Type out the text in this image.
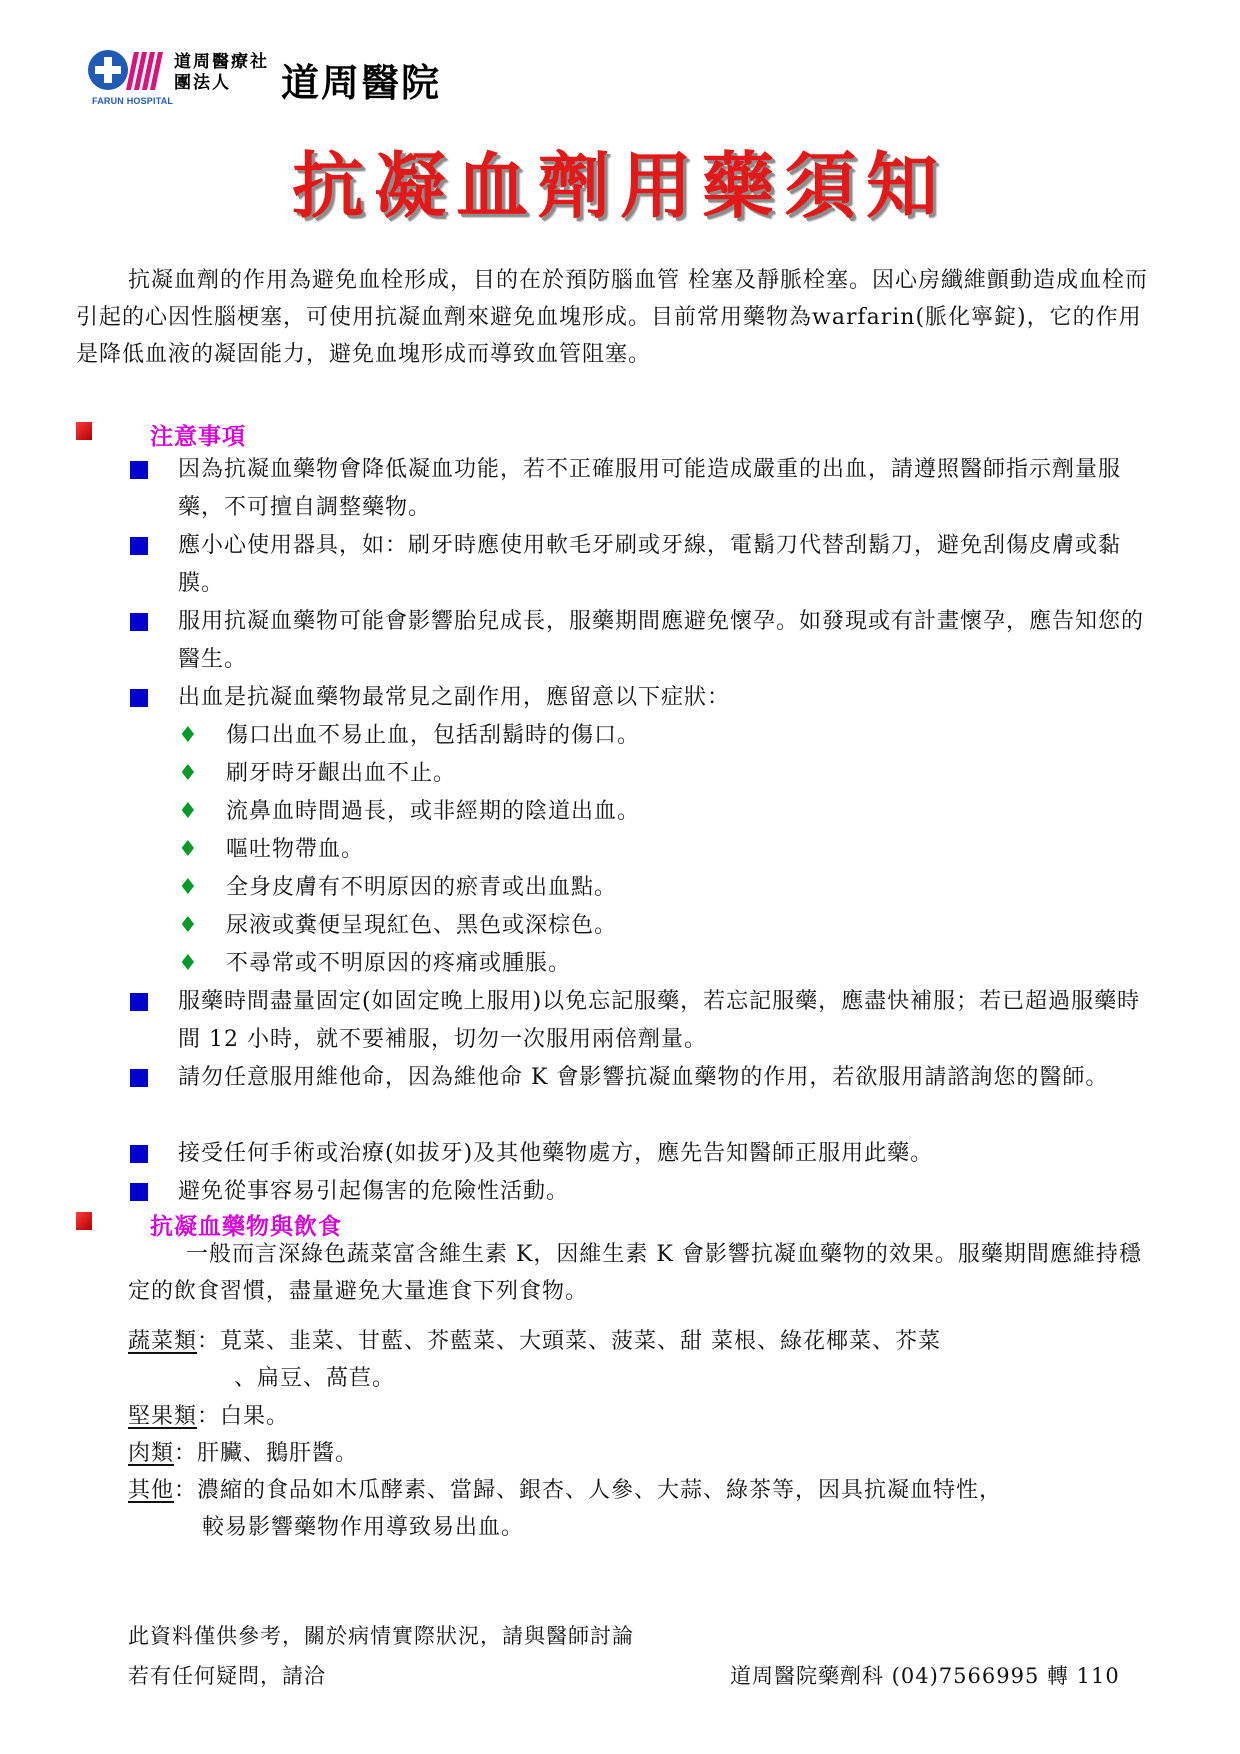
FARUN HOSPITAL
道周醫療社團法人	道周醫院
抗凝血劑用藥須知

抗凝血劑的作用為避免血栓形成，目的在於預防腦血管 栓塞及靜脈栓塞。因心房纖維顫動造成血栓而引起的心因性腦梗塞，可使用抗凝血劑來避免血塊形成。目前常用藥物為warfarin(脈化寧錠)，它的作用是降低血液的凝固能力，避免血塊形成而導致血管阻塞。

注意事項
因為抗凝血藥物會降低凝血功能，若不正確服用可能造成嚴重的出血，請遵照醫師指示劑量服藥，不可擅自調整藥物。
應小心使用器具，如：刷牙時應使用軟毛牙刷或牙線，電鬍刀代替刮鬍刀，避免刮傷皮膚或黏膜。
服用抗凝血藥物可能會影響胎兒成長，服藥期間應避免懷孕。如發現或有計畫懷孕，應告知您的醫生。
出血是抗凝血藥物最常見之副作用，應留意以下症狀：
♦ 傷口出血不易止血，包括刮鬍時的傷口。
♦ 刷牙時牙齦出血不止。
♦ 流鼻血時間過長，或非經期的陰道出血。
♦ 嘔吐物帶血。
♦ 全身皮膚有不明原因的瘀青或出血點。
♦ 尿液或糞便呈現紅色、黑色或深棕色。
♦ 不尋常或不明原因的疼痛或腫脹。
服藥時間盡量固定(如固定晚上服用)以免忘記服藥，若忘記服藥，應盡快補服；若已超過服藥時間 12 小時，就不要補服，切勿一次服用兩倍劑量。
請勿任意服用維他命，因為維他命 K 會影響抗凝血藥物的作用，若欲服用請諮詢您的醫師。
接受任何手術或治療(如拔牙)及其他藥物處方，應先告知醫師正服用此藥。
避免從事容易引起傷害的危險性活動。
抗凝血藥物與飲食

一般而言深綠色蔬菜富含維生素 K，因維生素 K 會影響抗凝血藥物的效果。服藥期間應維持穩定的飲食習慣，盡量避免大量進食下列食物。

蔬菜類：莧菜、韭菜、甘藍、芥藍菜、大頭菜、菠菜、甜 菜根、綠花椰菜、芥菜
、扁豆、萵苣。
堅果類：白果。
肉類：肝臟、鵝肝醬。
其他：濃縮的食品如木瓜酵素、當歸、銀杏、人參、大蒜、綠茶等，因具抗凝血特性，
較易影響藥物作用導致易出血。
此資料僅供參考，關於病情實際狀況，請與醫師討論
若有任何疑問，請洽	道周醫院藥劑科 (04)7566995 轉 110
